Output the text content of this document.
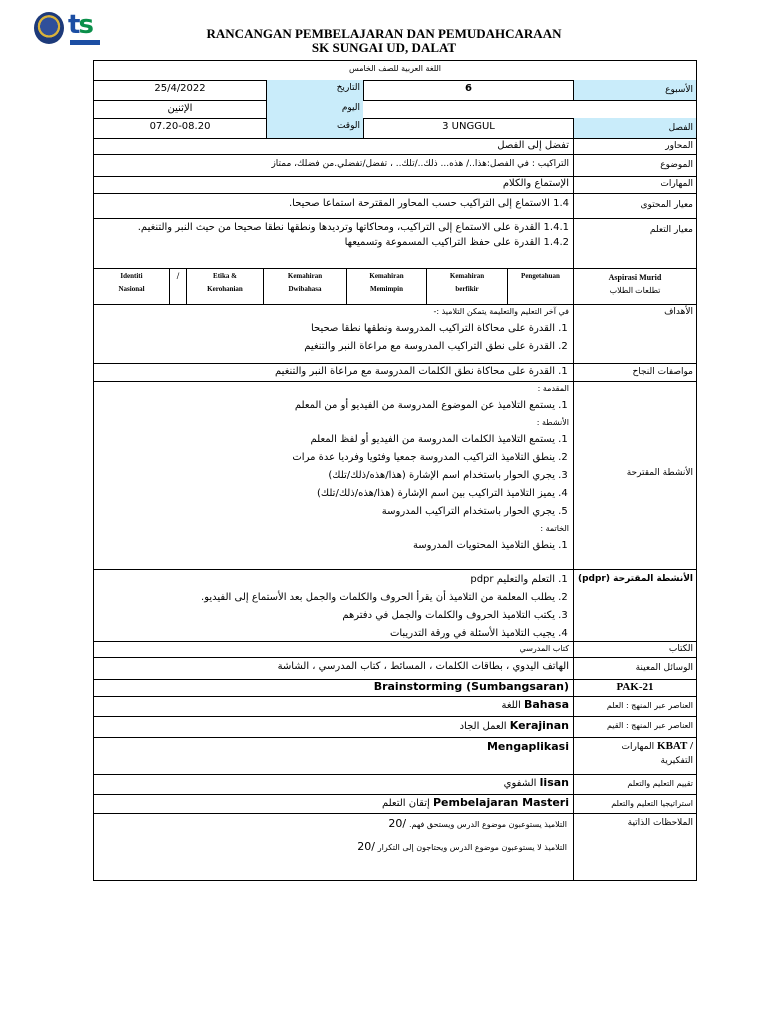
ts	RANCANGAN PEMBELAJARAN DAN PEMUDAHCARAAN
SK SUNGAI UD, DALAT
اللغة العربية للصف الخامس
الأسبوع
6
التاريخ
25/4/2022
اليوم
الإثنين
الفصل
3 UNGGUL
الوقت
07.20-08.20
المحاور
تفضل إلى الفصل
الموضوع
التراكيب : في الفصل:هذا../ هذه... ذلك../تلك.. ، تفضل/تفضلي.من فضلك، ممتاز
المهارات
الإستماع والكلام
معيار المحتوى
1.4 الاستماع إلى التراكيب حسب المحاور المقترحة استماعا صحيحا.
معيار التعلم
1.4.1 القدرة على الاستماع إلى التراكيب، ومحاكاتها وترديدها ونطقها نطقا صحيحا من حيث النبر والتنغيم.
1.4.2 القدرة على حفظ التراكيب المسموعة وتسميعها
Aspirasi Murid
تطلعات الطلاب
Pengetahuan
Kemahiran
berfikir
Kemahiran
Memimpin
Kemahiran
Dwibahasa
Etika &
Kerohanian
/
Identiti
Nasional
الأهداف
في آخر التعليم والتعليمة يتمكن التلاميذ :-
1. القدرة على محاكاة التراكيب المدروسة ونطقها نطقا صحيحا
2. القدرة على نطق التراكيب المدروسة مع مراعاة النبر والتنغيم
مواصفات النجاح
1. القدرة على محاكاة نطق الكلمات المدروسة مع مراعاة النبر والتنغيم
الأنشطة المقترحة
المقدمة :
1. يستمع التلاميذ عن الموضوع المدروسة من الفيديو أو من المعلم
الأنشطة :
1. يستمع التلاميذ الكلمات المدروسة من الفيديو أو لفظ المعلم
2. ينطق التلاميذ التراكيب المدروسة جمعيا وفئويا وفرديا عدة مرات
3. يجري الحوار باستخدام اسم الإشارة (هذا/هذه/ذلك/تلك)
4. يميز التلاميذ التراكيب بين اسم الإشارة (هذا/هذه/ذلك/تلك)
5. يجري الحوار باستخدام التراكيب المدروسة
الخاتمة :
1. ينطق التلاميذ المحتويات المدروسة
الأنشطة المقترحة (pdpr)
1. التعلم والتعليم pdpr
2. يطلب المعلمة من التلاميذ أن يقرأ الحروف والكلمات والجمل بعد الأستماع إلى الفيديو.
3. يكتب التلاميذ الحروف والكلمات والجمل في دفترهم
4. يجيب التلاميذ الأسئلة في ورقة التدريبات
الكتاب
كتاب المدرسي
الوسائل المعينة
الهاتف اليدوي ، بطاقات الكلمات ، المسائط ، كتاب المدرسي ، الشاشة
PAK-21
Brainstorming (Sumbangsaran)
العناصر عبر المنهج : العلم
Bahasa اللغة
العناصر عبر المنهج : القيم
Kerajinan العمل الجاد
KBAT / المهارات
التفكيرية
Mengaplikasi
تقييم التعليم والتعلم
lisan الشفوي
استراتيجيا التعليم والتعلم
Pembelajaran Masteri إتقان التعلم
الملاحظات الذاتية
التلاميذ يستوعبون موضوع الدرس ويستحق فهم. /20
التلاميذ لا يستوعبون موضوع الدرس ويحتاجون إلى التكرار /20
